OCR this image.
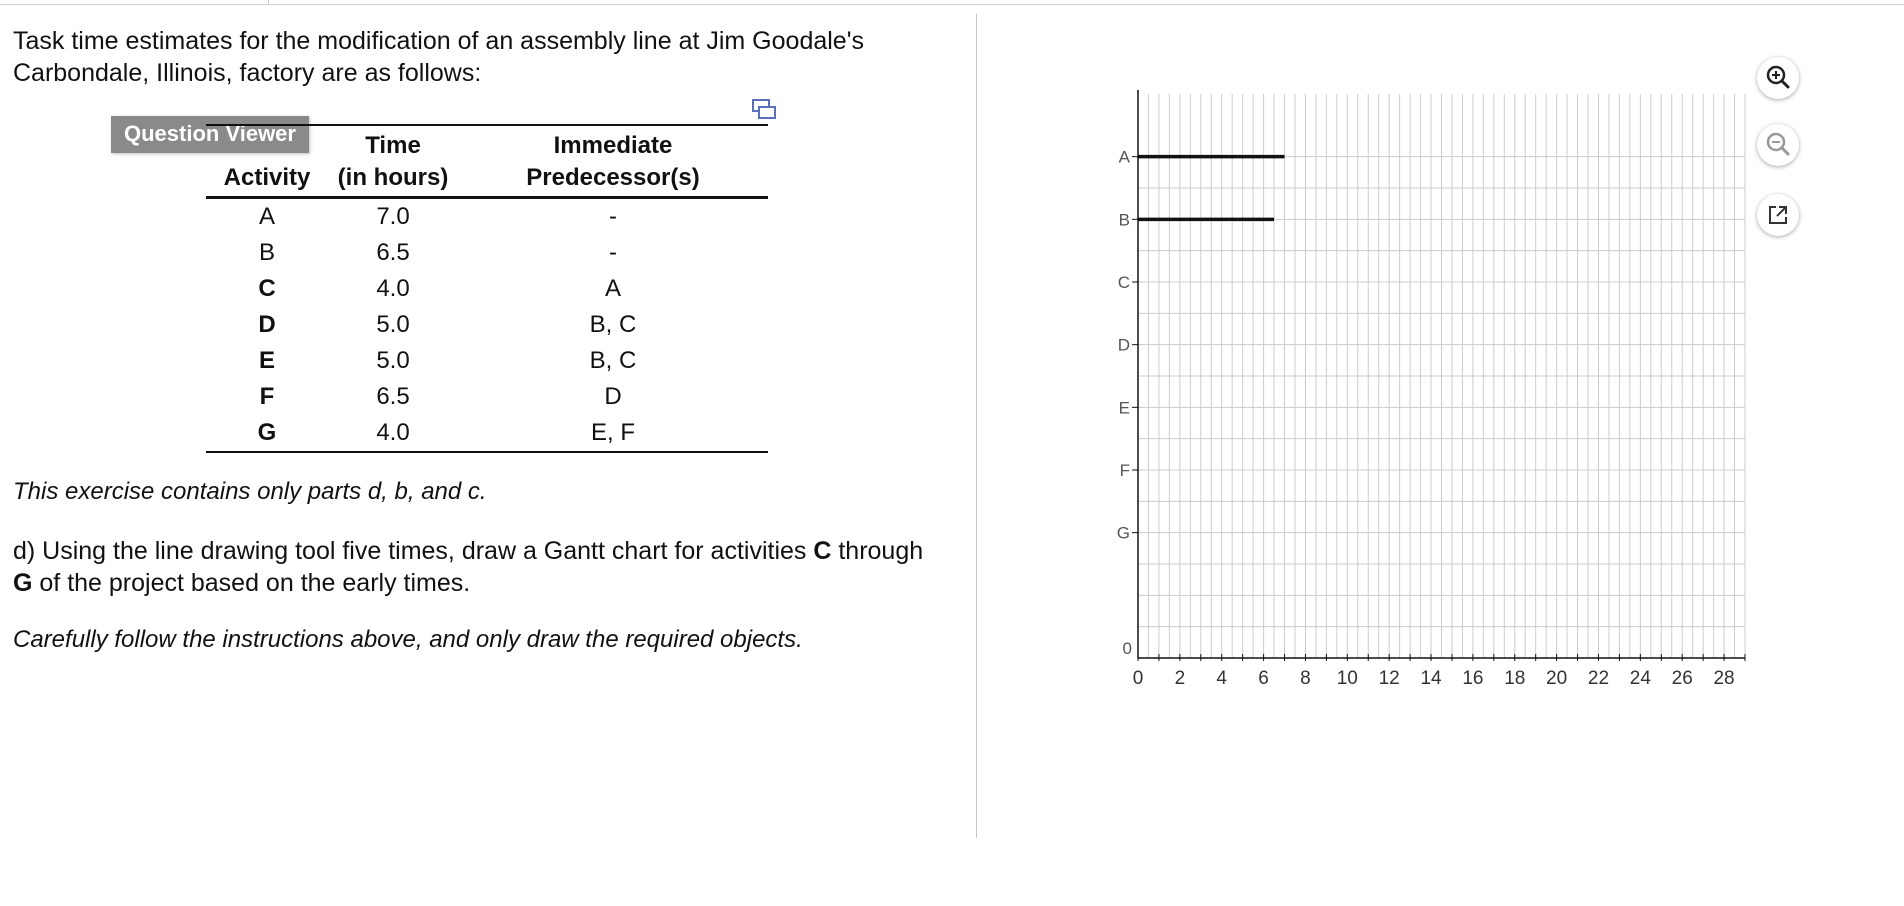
Task time estimates for the modification of an assembly line at Jim Goodale's Carbondale, Illinois, factory are as follows:

Question Viewer
		Time	Immediate
Activity	(in hours)	Predecessor(s)
A	7.0	-
B	6.5	-
C	4.0	A
D	5.0	B, C
E	5.0	B, C
F	6.5	D
G	4.0	E, F

This exercise contains only parts d, b, and c.

d) Using the line drawing tool five times, draw a Gantt chart for activities C through
G of the project based on the early times.

Carefully follow the instructions above, and only draw the required objects.

0 2 4 6 8 10 12 14 16 18 20 22 24 26 28
A
B
C
D
E
F
G
0
